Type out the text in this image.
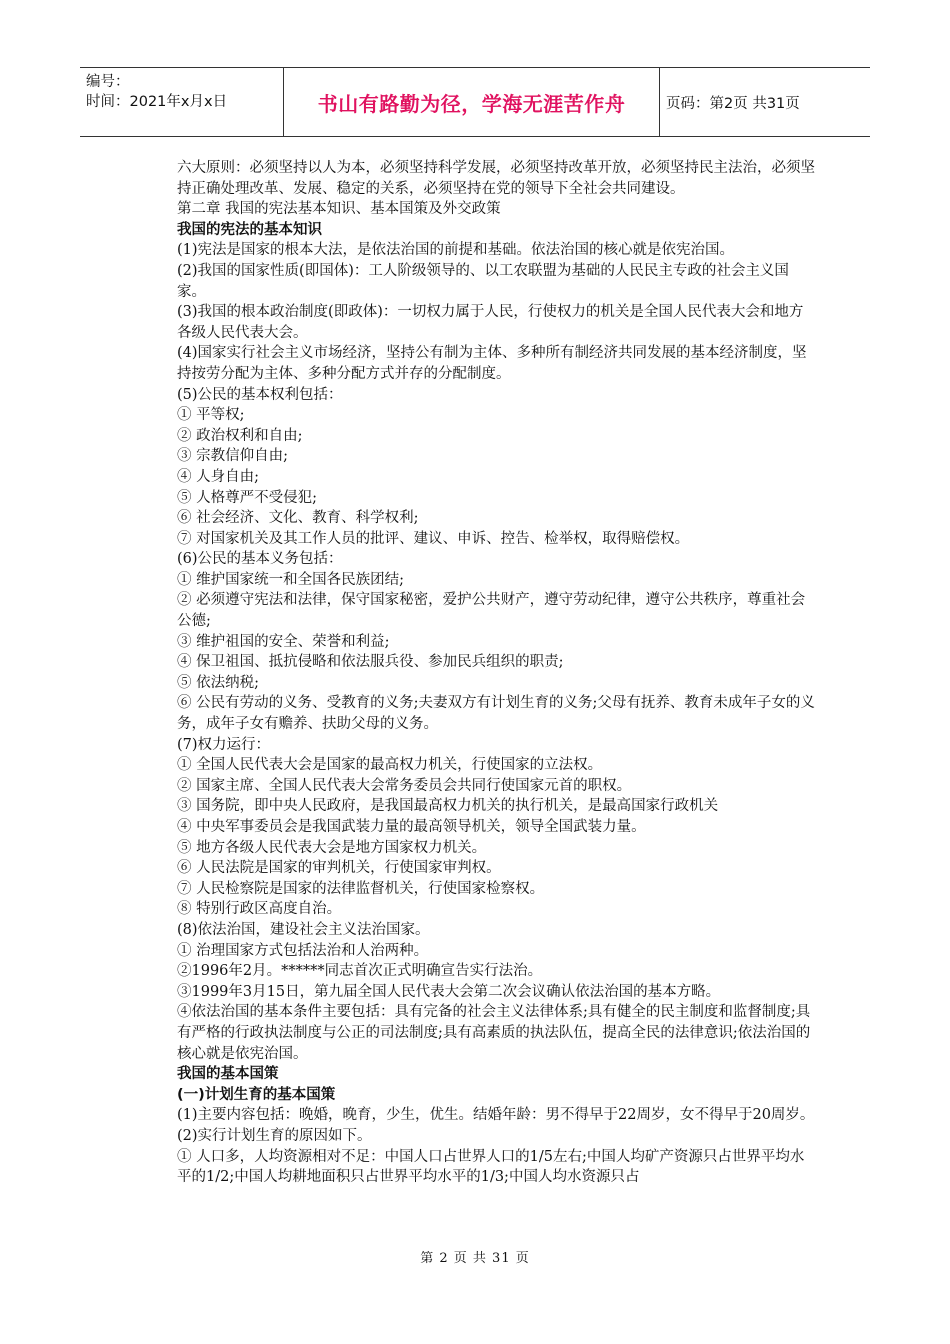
编号：
时间：2021年x月x日	书山有路勤为径，学海无涯苦作舟	页码：第2页 共31页

六大原则：必须坚持以人为本，必须坚持科学发展，必须坚持改革开放，必须坚持民主法治，必须坚持正确处理改革、发展、稳定的关系，必须坚持在党的领导下全社会共同建设。

第二章 我国的宪法基本知识、基本国策及外交政策

我国的宪法的基本知识

(1)宪法是国家的根本大法，是依法治国的前提和基础。依法治国的核心就是依宪治国。

(2)我国的国家性质(即国体)：工人阶级领导的、以工农联盟为基础的人民民主专政的社会主义国家。

(3)我国的根本政治制度(即政体)：一切权力属于人民，行使权力的机关是全国人民代表大会和地方各级人民代表大会。

(4)国家实行社会主义市场经济，坚持公有制为主体、多种所有制经济共同发展的基本经济制度，坚持按劳分配为主体、多种分配方式并存的分配制度。

(5)公民的基本权利包括：

① 平等权;

② 政治权利和自由;

③ 宗教信仰自由;

④ 人身自由;

⑤ 人格尊严不受侵犯;

⑥ 社会经济、文化、教育、科学权利;

⑦ 对国家机关及其工作人员的批评、建议、申诉、控告、检举权，取得赔偿权。

(6)公民的基本义务包括：

① 维护国家统一和全国各民族团结;

② 必须遵守宪法和法律，保守国家秘密，爱护公共财产，遵守劳动纪律，遵守公共秩序，尊重社会公德;

③ 维护祖国的安全、荣誉和利益;

④ 保卫祖国、抵抗侵略和依法服兵役、参加民兵组织的职责;

⑤ 依法纳税;

⑥ 公民有劳动的义务、受教育的义务;夫妻双方有计划生育的义务;父母有抚养、教育未成年子女的义务，成年子女有赡养、扶助父母的义务。

(7)权力运行：

① 全国人民代表大会是国家的最高权力机关，行使国家的立法权。

② 国家主席、全国人民代表大会常务委员会共同行使国家元首的职权。

③ 国务院，即中央人民政府，是我国最高权力机关的执行机关，是最高国家行政机关

④ 中央军事委员会是我国武装力量的最高领导机关，领导全国武装力量。

⑤ 地方各级人民代表大会是地方国家权力机关。

⑥ 人民法院是国家的审判机关，行使国家审判权。

⑦ 人民检察院是国家的法律监督机关，行使国家检察权。

⑧ 特别行政区高度自治。

(8)依法治国，建设社会主义法治国家。

① 治理国家方式包括法治和人治两种。

②1996年2月。******同志首次正式明确宣告实行法治。

③1999年3月15日，第九届全国人民代表大会第二次会议确认依法治国的基本方略。

④依法治国的基本条件主要包括：具有完备的社会主义法律体系;具有健全的民主制度和监督制度;具有严格的行政执法制度与公正的司法制度;具有高素质的执法队伍，提高全民的法律意识;依法治国的核心就是依宪治国。

我国的基本国策

(一)计划生育的基本国策

(1)主要内容包括：晚婚，晚育，少生，优生。结婚年龄：男不得早于22周岁，女不得早于20周岁。

(2)实行计划生育的原因如下。

① 人口多，人均资源相对不足：中国人口占世界人口的1/5左右;中国人均矿产资源只占世界平均水平的1/2;中国人均耕地面积只占世界平均水平的1/3;中国人均水资源只占

第 2 页 共 31 页
